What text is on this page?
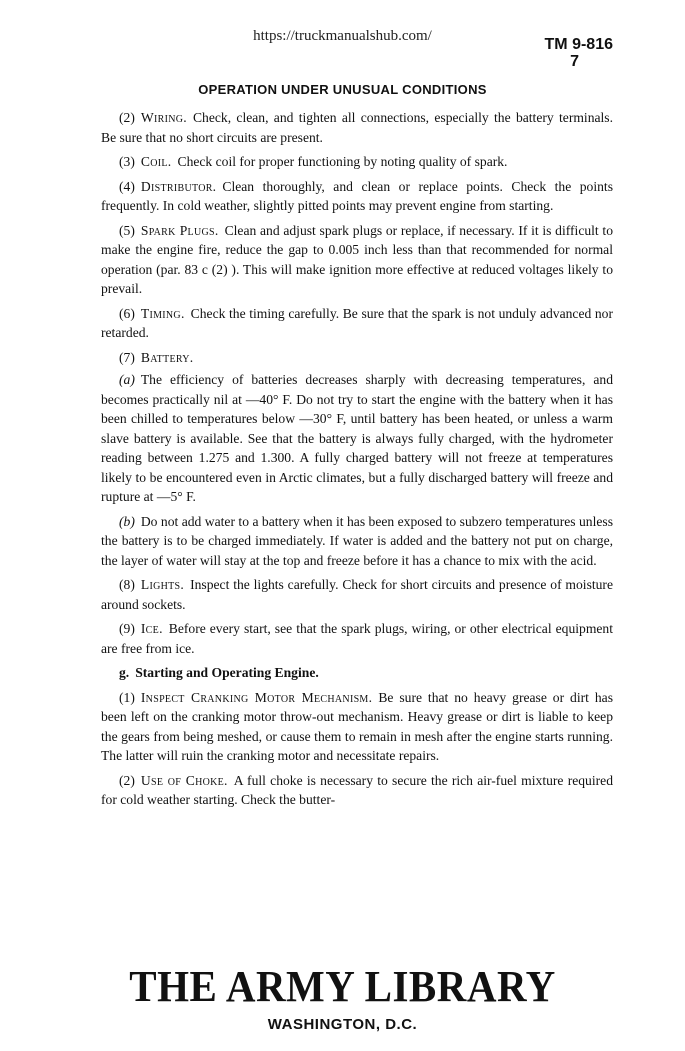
https://truckmanualshub.com/	TM 9-816
7
OPERATION UNDER UNUSUAL CONDITIONS

(2) Wiring. Check, clean, and tighten all connections, especially the battery terminals. Be sure that no short circuits are present.

(3) Coil. Check coil for proper functioning by noting quality of spark.

(4) Distributor. Clean thoroughly, and clean or replace points. Check the points frequently. In cold weather, slightly pitted points may prevent engine from starting.

(5) Spark Plugs. Clean and adjust spark plugs or replace, if necessary. If it is difficult to make the engine fire, reduce the gap to 0.005 inch less than that recommended for normal operation (par. 83 c (2) ). This will make ignition more effective at reduced voltages likely to prevail.

(6) Timing. Check the timing carefully. Be sure that the spark is not unduly advanced nor retarded.

(7) Battery.

(a) The efficiency of batteries decreases sharply with decreasing temperatures, and becomes practically nil at —40° F. Do not try to start the engine with the battery when it has been chilled to temperatures below —30° F, until battery has been heated, or unless a warm slave battery is available. See that the battery is always fully charged, with the hydrometer reading between 1.275 and 1.300. A fully charged battery will not freeze at temperatures likely to be encountered even in Arctic climates, but a fully discharged battery will freeze and rupture at —5° F.

(b) Do not add water to a battery when it has been exposed to subzero temperatures unless the battery is to be charged immediately. If water is added and the battery not put on charge, the layer of water will stay at the top and freeze before it has a chance to mix with the acid.

(8) Lights. Inspect the lights carefully. Check for short circuits and presence of moisture around sockets.

(9) Ice. Before every start, see that the spark plugs, wiring, or other electrical equipment are free from ice.

g. Starting and Operating Engine.

(1) Inspect Cranking Motor Mechanism. Be sure that no heavy grease or dirt has been left on the cranking motor throw-out mechanism. Heavy grease or dirt is liable to keep the gears from being meshed, or cause them to remain in mesh after the engine starts running. The latter will ruin the cranking motor and necessitate repairs.

(2) Use of Choke. A full choke is necessary to secure the rich air-fuel mixture required for cold weather starting. Check the butter-

THE ARMY LIBRARY
WASHINGTON, D.C.
